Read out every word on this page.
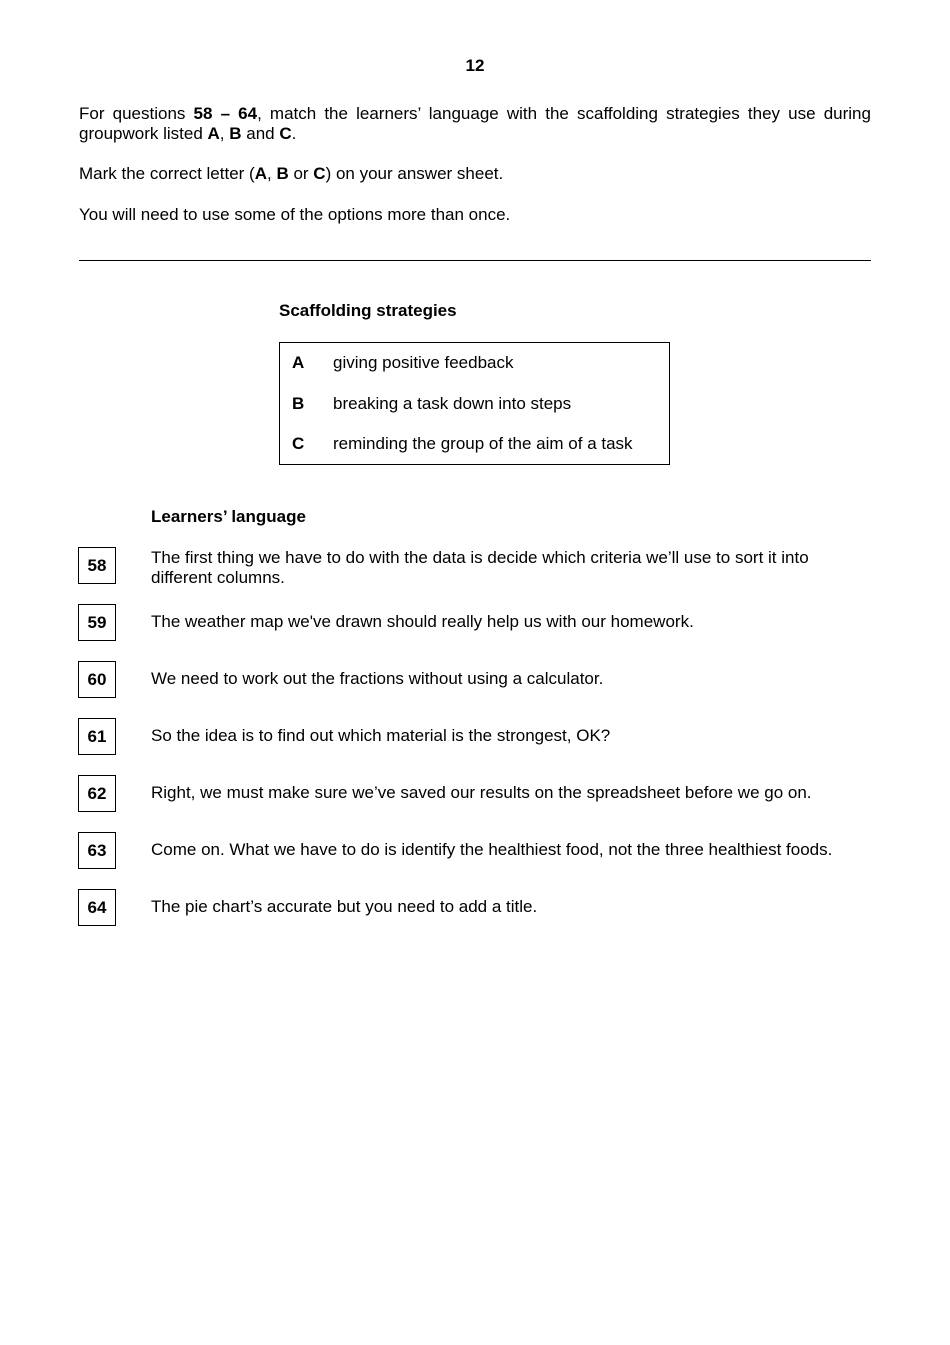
12

For questions 58 – 64, match the learners’ language with the scaffolding strategies they use during groupwork listed A, B and C.

Mark the correct letter (A, B or C) on your answer sheet.

You will need to use some of the options more than once.

Scaffolding strategies
A giving positive feedback
B breaking a task down into steps
C reminding the group of the aim of a task
Learners’ language
58	The first thing we have to do with the data is decide which criteria we’ll use to sort it into different columns.
59	The weather map we've drawn should really help us with our homework.
60	We need to work out the fractions without using a calculator.
61	So the idea is to find out which material is the strongest, OK?
62	Right, we must make sure we’ve saved our results on the spreadsheet before we go on.
63	Come on. What we have to do is identify the healthiest food, not the three healthiest foods.
64	The pie chart’s accurate but you need to add a title.
